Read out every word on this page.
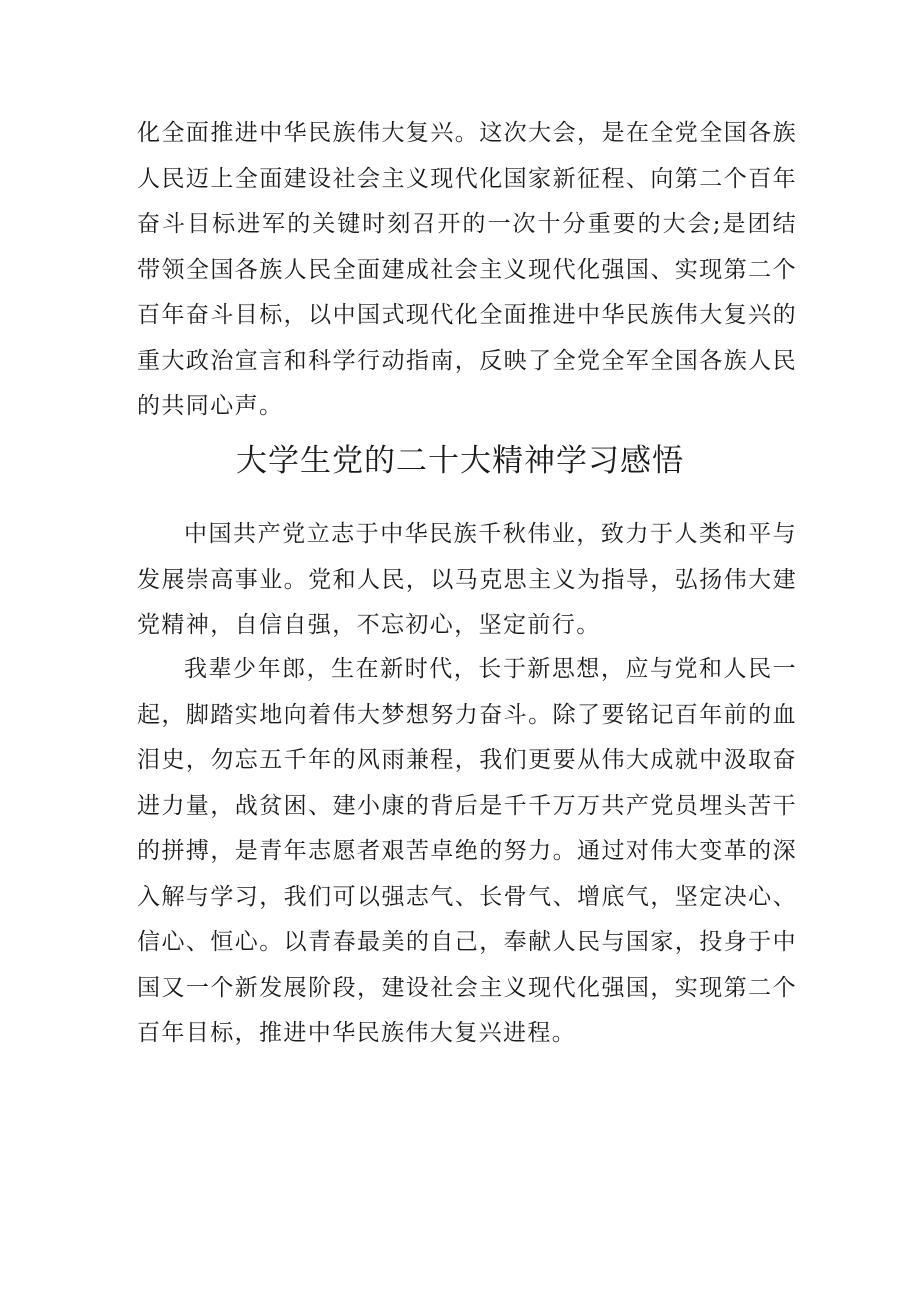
化全面推进中华民族伟大复兴。这次大会，是在全党全国各族人民迈上全面建设社会主义现代化国家新征程、向第二个百年奋斗目标进军的关键时刻召开的一次十分重要的大会;是团结带领全国各族人民全面建成社会主义现代化强国、实现第二个百年奋斗目标，以中国式现代化全面推进中华民族伟大复兴的重大政治宣言和科学行动指南，反映了全党全军全国各族人民的共同心声。

大学生党的二十大精神学习感悟

中国共产党立志于中华民族千秋伟业，致力于人类和平与发展崇高事业。党和人民，以马克思主义为指导，弘扬伟大建党精神，自信自强，不忘初心，坚定前行。

我辈少年郎，生在新时代，长于新思想，应与党和人民一起，脚踏实地向着伟大梦想努力奋斗。除了要铭记百年前的血泪史，勿忘五千年的风雨兼程，我们更要从伟大成就中汲取奋进力量，战贫困、建小康的背后是千千万万共产党员埋头苦干的拼搏，是青年志愿者艰苦卓绝的努力。通过对伟大变革的深入解与学习，我们可以强志气、长骨气、增底气，坚定决心、信心、恒心。以青春最美的自己，奉献人民与国家，投身于中国又一个新发展阶段，建设社会主义现代化强国，实现第二个百年目标，推进中华民族伟大复兴进程。
